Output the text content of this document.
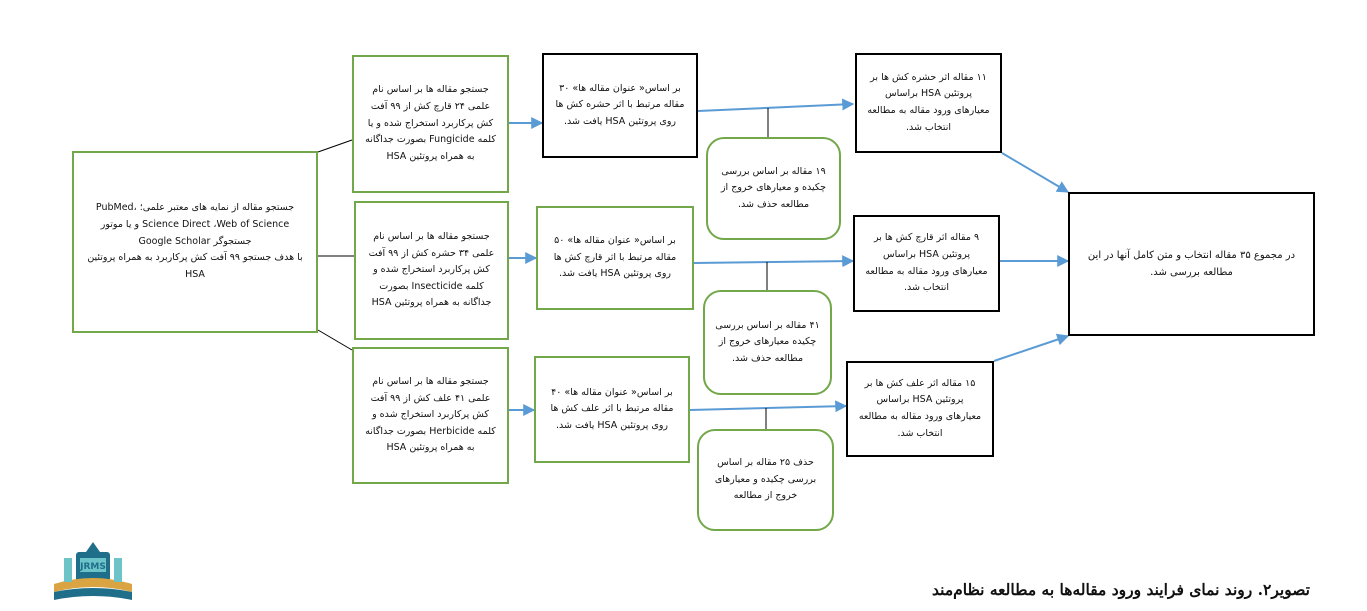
جستجو مقاله از نمایه های معتبر علمی؛ PubMed، Science Direct ،Web of Science و یا موتور جستجوگر Google Scholar
با هدف جستجو ۹۹ آفت کش پرکاربرد به همراه پروتئین HSA
جستجو مقاله ها بر اساس نام علمی ۲۴ قارچ کش از ۹۹ آفت کش پرکاربرد استخراج شده و یا کلمه Fungicide بصورت جداگانه به همراه پروتئین HSA
جستجو مقاله ها بر اساس نام علمی ۳۴ حشره کش از ۹۹ آفت کش پرکاربرد استخراج شده و کلمه Insecticide بصورت جداگانه به همراه پروتئین HSA
جستجو مقاله ها بر اساس نام علمی ۴۱ علف کش از ۹۹ آفت کش پرکاربرد استخراج شده و کلمه Herbicide بصورت جداگانه به همراه پروتئین HSA
بر اساس« عنوان مقاله ها» ۳۰ مقاله مرتبط با اثر حشره کش ها روی پروتئین HSA یافت شد.
بر اساس« عنوان مقاله ها» ۵۰ مقاله مرتبط با اثر قارچ کش ها روی پروتئین HSA یافت شد.
بر اساس« عنوان مقاله ها» ۴۰ مقاله مرتبط با اثر علف کش ها روی پروتئین HSA یافت شد.
۱۹ مقاله بر اساس بررسی چکیده و معیارهای خروج از مطالعه حذف شد.
۴۱ مقاله بر اساس بررسی چکیده معیارهای خروج از مطالعه حذف شد.
حذف ۲۵ مقاله بر اساس بررسی چکیده و معیارهای خروج از مطالعه
۱۱ مقاله اثر حشره کش ها بر پروتئین HSA براساس معیارهای ورود مقاله به مطالعه انتخاب شد.
۹ مقاله اثر قارچ کش ها بر پروتئین HSA براساس معیارهای ورود مقاله به مطالعه انتخاب شد.
۱۵ مقاله اثر علف کش ها بر پروتئین HSA براساس معیارهای ورود مقاله به مطالعه انتخاب شد.
در مجموع ۳۵ مقاله انتخاب و متن کامل آنها در این مطالعه بررسی شد.
JRMS
تصویر۲. روند نمای فرایند ورود مقاله‌ها به مطالعه نظام‌مند
